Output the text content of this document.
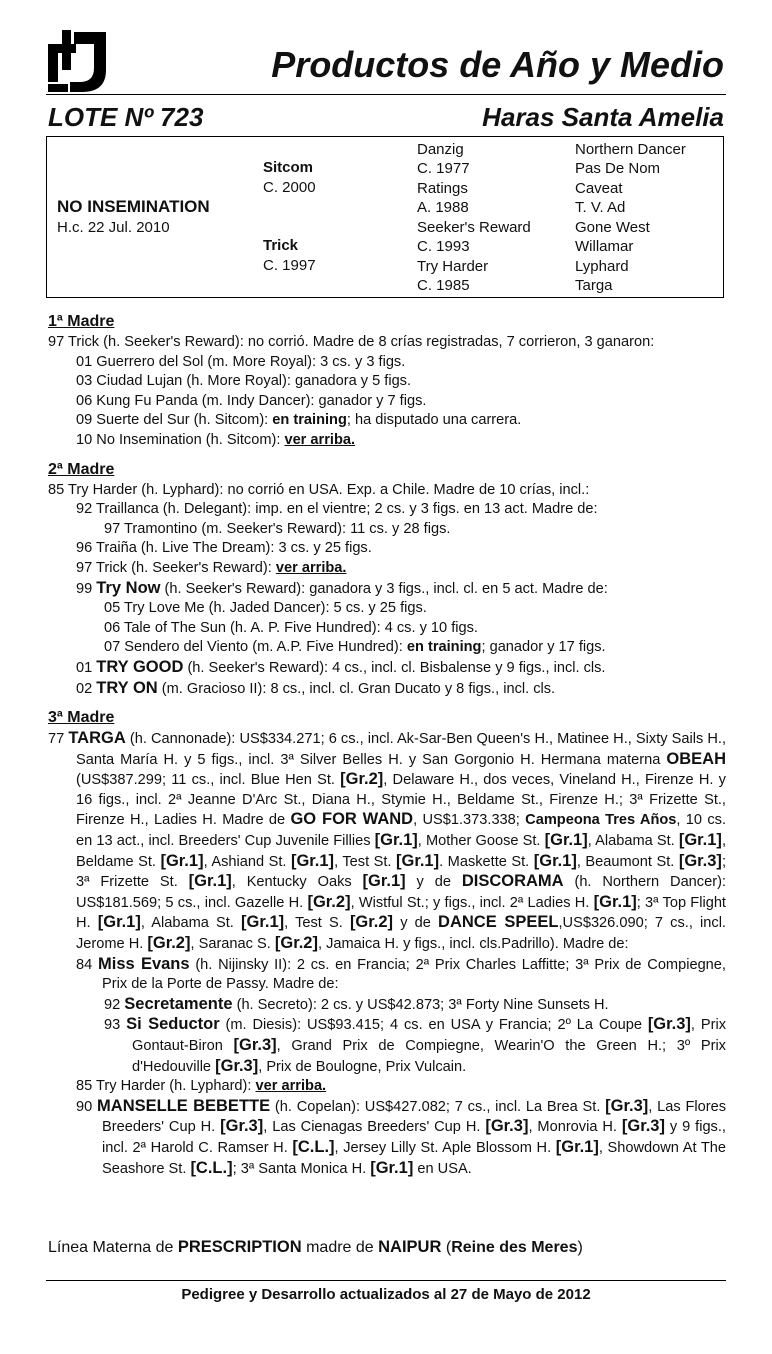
Productos de Año y Medio
LOTE Nº 723	Haras Santa Amelia
NO INSEMINATION
H.c. 22 Jul. 2010
Sitcom
C. 2000
Trick
C. 1997
Danzig
C. 1977
Ratings
A. 1988
Seeker's Reward
C. 1993
Try Harder
C. 1985
Northern Dancer
Pas De Nom
Caveat
T. V. Ad
Gone West
Willamar
Lyphard
Targa
1ª Madre
97 Trick (h. Seeker's Reward): no corrió. Madre de 8 crías registradas, 7 corrieron, 3 ganaron:
01 Guerrero del Sol (m. More Royal): 3 cs. y 3 figs.
03 Ciudad Lujan (h. More Royal): ganadora y 5 figs.
06 Kung Fu Panda (m. Indy Dancer): ganador y 7 figs.
09 Suerte del Sur (h. Sitcom): en training; ha disputado una carrera.
10 No Insemination (h. Sitcom): ver arriba.
2ª Madre
85 Try Harder (h. Lyphard): no corrió en USA. Exp. a Chile. Madre de 10 crías, incl.:
92 Traillanca (h. Delegant): imp. en el vientre; 2 cs. y 3 figs. en 13 act. Madre de:
97 Tramontino (m. Seeker's Reward): 11 cs. y 28 figs.
96 Traiña (h. Live The Dream): 3 cs. y 25 figs.
97 Trick (h. Seeker's Reward): ver arriba.
99 Try Now (h. Seeker's Reward): ganadora y 3 figs., incl. cl. en 5 act. Madre de:
05 Try Love Me (h. Jaded Dancer): 5 cs. y 25 figs.
06 Tale of The Sun (h. A. P. Five Hundred): 4 cs. y 10 figs.
07 Sendero del Viento (m. A.P. Five Hundred): en training; ganador y 17 figs.
01 TRY GOOD (h. Seeker's Reward): 4 cs., incl. cl. Bisbalense y 9 figs., incl. cls.
02 TRY ON (m. Gracioso II): 8 cs., incl. cl. Gran Ducato y 8 figs., incl. cls.
3ª Madre
77 TARGA (h. Cannonade): US$334.271; 6 cs., incl. Ak-Sar-Ben Queen's H., Matinee H., Sixty Sails H., Santa María H. y 5 figs., incl. 3ª Silver Belles H. y San Gorgonio H. Hermana materna OBEAH (US$387.299; 11 cs., incl. Blue Hen St. [Gr.2], Delaware H., dos veces, Vineland H., Firenze H. y 16 figs., incl. 2ª Jeanne D'Arc St., Diana H., Stymie H., Beldame St., Firenze H.; 3ª Frizette St., Firenze H., Ladies H. Madre de GO FOR WAND, US$1.373.338; Campeona Tres Años, 10 cs. en 13 act., incl. Breeders' Cup Juvenile Fillies [Gr.1], Mother Goose St. [Gr.1], Alabama St. [Gr.1], Beldame St. [Gr.1], Ashiand St. [Gr.1], Test St. [Gr.1]. Maskette St. [Gr.1], Beaumont St. [Gr.3]; 3ª Frizette St. [Gr.1], Kentucky Oaks [Gr.1] y de DISCORAMA (h. Northern Dancer): US$181.569; 5 cs., incl. Gazelle H. [Gr.2], Wistful St.; y figs., incl. 2ª Ladies H. [Gr.1]; 3ª Top Flight H. [Gr.1], Alabama St. [Gr.1], Test S. [Gr.2] y de DANCE SPEEL,US$326.090; 7 cs., incl. Jerome H. [Gr.2], Saranac S. [Gr.2], Jamaica H. y figs., incl. cls.Padrillo). Madre de:
84 Miss Evans (h. Nijinsky II): 2 cs. en Francia; 2ª Prix Charles Laffitte; 3ª Prix de Compiegne, Prix de la Porte de Passy. Madre de:
92 Secretamente (h. Secreto): 2 cs. y US$42.873; 3ª Forty Nine Sunsets H.
93 Si Seductor (m. Diesis): US$93.415; 4 cs. en USA y Francia; 2º La Coupe [Gr.3], Prix Gontaut-Biron [Gr.3], Grand Prix de Compiegne, Wearin'O the Green H.; 3º Prix d'Hedouville [Gr.3], Prix de Boulogne, Prix Vulcain.
85 Try Harder (h. Lyphard): ver arriba.
90 MANSELLE BEBETTE (h. Copelan): US$427.082; 7 cs., incl. La Brea St. [Gr.3], Las Flores Breeders' Cup H. [Gr.3], Las Cienagas Breeders' Cup H. [Gr.3], Monrovia H. [Gr.3] y 9 figs., incl. 2ª Harold C. Ramser H. [C.L.], Jersey Lilly St. Aple Blossom H. [Gr.1], Showdown At The Seashore St. [C.L.]; 3ª Santa Monica H. [Gr.1] en USA.
Línea Materna de PRESCRIPTION madre de NAIPUR (Reine des Meres)
Pedigree y Desarrollo actualizados al 27 de Mayo de 2012
